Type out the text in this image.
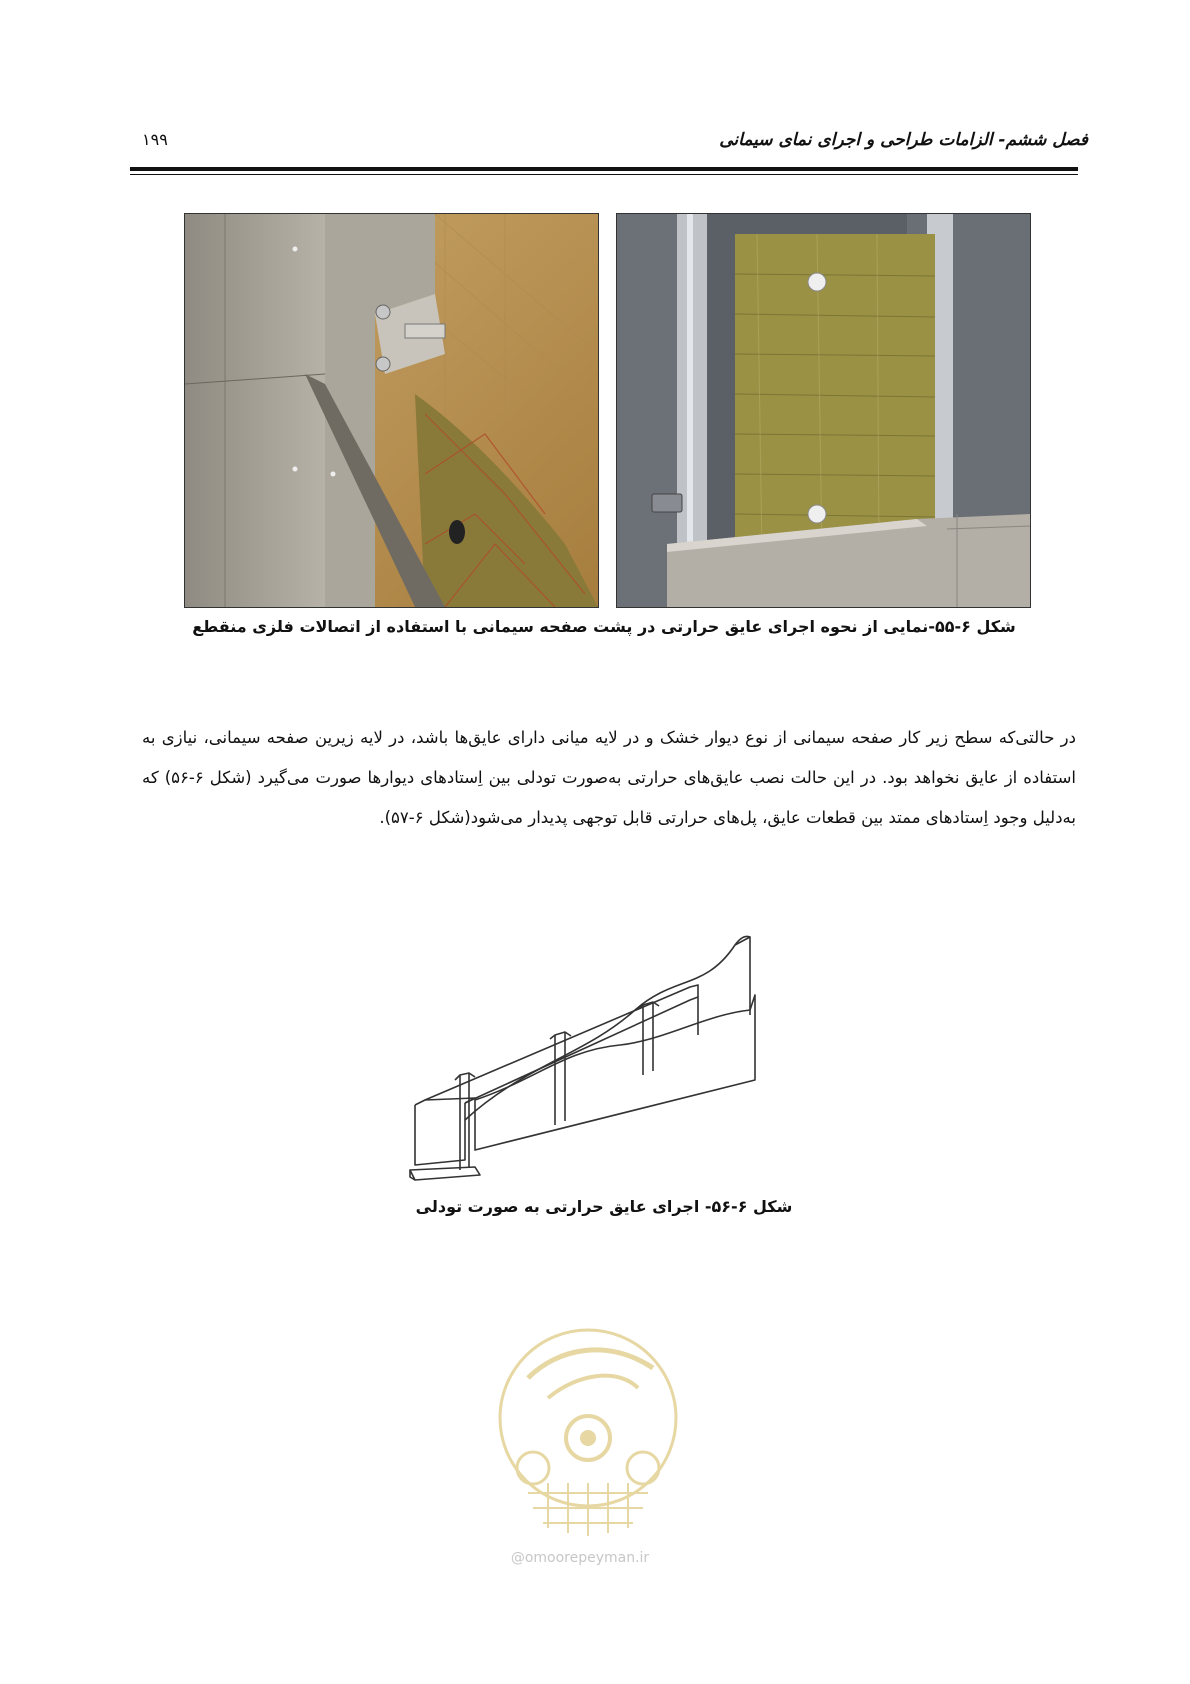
فصل ششم- الزامات طراحی و اجرای نمای سیمانی
۱۹۹
شکل ۶-۵۵-نمایی از نحوه اجرای عایق حرارتی در پشت صفحه سیمانی با استفاده از اتصالات فلزی منقطع

در حالتی‌که سطح زیر کار صفحه سیمانی از نوع دیوار خشک و در لایه میانی دارای عایق‌ها باشد، در لایه زیرین صفحه سیمانی، نیازی به استفاده از عایق نخواهد بود. در این حالت نصب عایق‌های حرارتی به‌صورت تودلی بین اِستادهای دیوارها صورت می‌گیرد (شکل ۶-۵۶) که به‌دلیل وجود اِستادهای ممتد بین قطعات عایق، پل‌های حرارتی قابل توجهی پدیدار می‌شود(شکل ۶-۵۷).

شکل ۶-۵۶- اجرای عایق حرارتی به صورت تودلی
@omoorepeyman.ir
